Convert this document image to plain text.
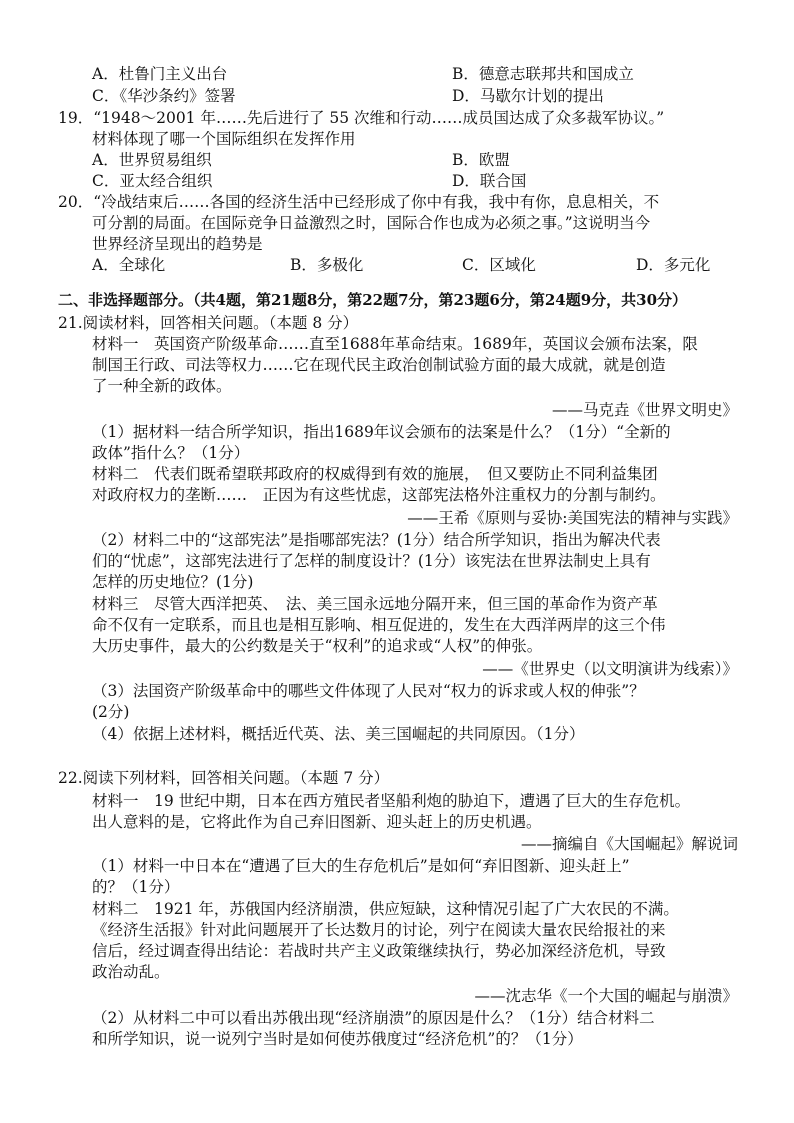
A．杜鲁门主义出台	B．德意志联邦共和国成立
C．《华沙条约》签署	D．马歇尔计划的提出
19．“1948～2001 年……先后进行了 55 次维和行动……成员国达成了众多裁军协议。”
材料体现了哪一个国际组织在发挥作用
A．世界贸易组织	B．欧盟
C．亚太经合组织	D．联合国
20．“冷战结束后……各国的经济生活中已经形成了你中有我，我中有你，息息相关，不
可分割的局面。在国际竞争日益激烈之时，国际合作也成为必须之事。”这说明当今
世界经济呈现出的趋势是
A．全球化	B．多极化	C．区域化	D．多元化
二、非选择题部分。（共4题，第21题8分，第22题7分，第23题6分，第24题9分，共30分）
21.阅读材料，回答相关问题。（本题 8 分）
材料一　英国资产阶级革命……直至1688年革命结束。1689年，英国议会颁布法案，限
制国王行政、司法等权力……它在现代民主政治创制试验方面的最大成就，就是创造
了一种全新的政体。
——马克垚《世界文明史》
（1）据材料一结合所学知识，指出1689年议会颁布的法案是什么？（1分）“全新的
政体”指什么？（1分）
材料二　代表们既希望联邦政府的权威得到有效的施展，　但又要防止不同利益集团
对政府权力的垄断……　正因为有这些忧虑，这部宪法格外注重权力的分割与制约。
——王希《原则与妥协:美国宪法的精神与实践》
（2）材料二中的“这部宪法”是指哪部宪法？(1分）结合所学知识，指出为解决代表
们的“忧虑”，这部宪法进行了怎样的制度设计？(1分）该宪法在世界法制史上具有
怎样的历史地位？(1分)
材料三　尽管大西洋把英、　法、美三国永远地分隔开来，但三国的革命作为资产革
命不仅有一定联系，而且也是相互影响、相互促进的，发生在大西洋两岸的这三个伟
大历史事件，最大的公约数是关于“权利”的追求或“人权”的伸张。
——《世界史（以文明演讲为线索）》
（3）法国资产阶级革命中的哪些文件体现了人民对“权力的诉求或人权的伸张”？
(2分)
（4）依据上述材料，概括近代英、法、美三国崛起的共同原因。（1分）
22.阅读下列材料，回答相关问题。（本题 7 分）
材料一　19 世纪中期，日本在西方殖民者坚船利炮的胁迫下，遭遇了巨大的生存危机。
出人意料的是，它将此作为自己弃旧图新、迎头赶上的历史机遇。
——摘编自《大国崛起》解说词
（1）材料一中日本在“遭遇了巨大的生存危机后”是如何“弃旧图新、迎头赶上”
的？（1分）
材料二　1921 年，苏俄国内经济崩溃，供应短缺，这种情况引起了广大农民的不满。
《经济生活报》针对此问题展开了长达数月的讨论，列宁在阅读大量农民给报社的来
信后，经过调查得出结论：若战时共产主义政策继续执行，势必加深经济危机，导致
政治动乱。
——沈志华《一个大国的崛起与崩溃》
（2）从材料二中可以看出苏俄出现“经济崩溃”的原因是什么？（1分）结合材料二
和所学知识，说一说列宁当时是如何使苏俄度过“经济危机”的？（1分）
